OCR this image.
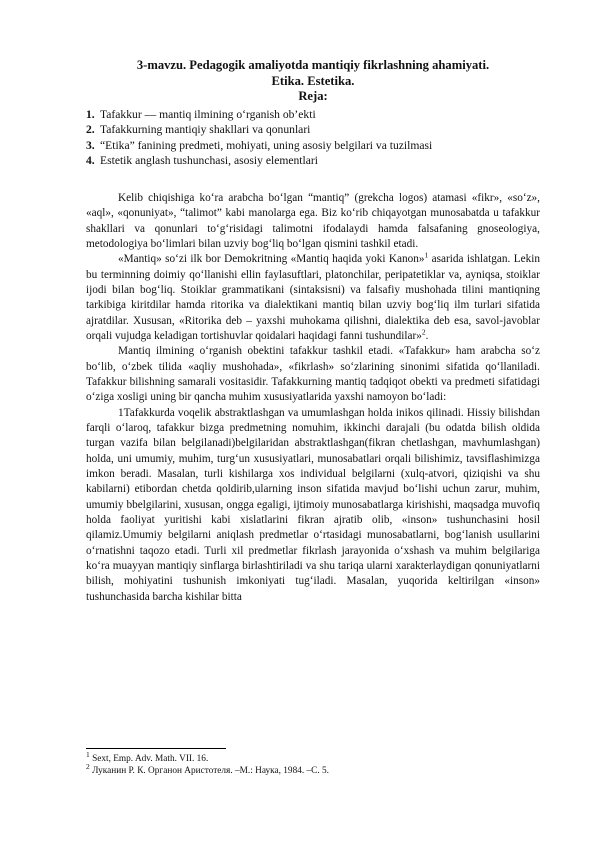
3-mavzu. Pedagogik amaliyotda mantiqiy fikrlashning ahamiyati.

Etika. Estetika.

Reja:

1. Tafakkur — mantiq ilmining o‘rganish ob’ekti
2. Tafakkurning mantiqiy shakllari va qonunlari
3. “Etika” fanining predmeti, mohiyati, uning asosiy belgilari va tuzilmasi
4. Estetik anglash tushunchasi, asosiy elementlari

Kelib chiqishiga ko‘ra arabcha bo‘lgan “mantiq” (grekcha logos) atamasi «fikr», «so‘z», «aql», «qonuniyat», “talimot” kabi manolarga ega. Biz ko‘rib chiqayotgan munosabatda u tafakkur shakllari va qonunlari to‘g‘risidagi talimotni ifodalaydi hamda falsafaning gnoseologiya, metodologiya bo‘limlari bilan uzviy bog‘liq bo‘lgan qismini tashkil etadi.

«Mantiq» so‘zi ilk bor Demokritning «Mantiq haqida yoki Kanon»$^1$ asarida ishlatgan. Lekin bu terminning doimiy qo‘llanishi ellin faylasuftlari, platonchilar, peripatetiklar va, ayniqsa, stoiklar ijodi bilan bog‘liq. Stoiklar grammatikani (sintaksisni) va falsafiy mushohada tilini mantiqning tarkibiga kiritdilar hamda ritorika va dialektikani mantiq bilan uzviy bog‘liq ilm turlari sifatida ajratdilar. Xususan, «Ritorika deb – yaxshi muhokama qilishni, dialektika deb esa, savol-javoblar orqali vujudga keladigan tortishuvlar qoidalari haqidagi fanni tushundilar»$^2$.

Mantiq ilmining o‘rganish obektini tafakkur tashkil etadi. «Tafakkur» ham arabcha so‘z bo‘lib, o‘zbek tilida «aqliy mushohada», «fikrlash» so‘zlarining sinonimi sifatida qo‘llaniladi. Tafakkur bilishning samarali vositasidir. Tafakkurning mantiq tadqiqot obekti va predmeti sifatidagi o‘ziga xosligi uning bir qancha muhim xususiyatlarida yaxshi namoyon bo‘ladi:

1Tafakkurda voqelik abstraktlashgan va umumlashgan holda inikos qilinadi. Hissiy bilishdan farqli o‘laroq, tafakkur bizga predmetning nomuhim, ikkinchi darajali (bu odatda bilish oldida turgan vazifa bilan belgilanadi)belgilaridan abstraktlashgan(fikran chetlashgan, mavhumlashgan) holda, uni umumiy, muhim, turg‘un xususiyatlari, munosabatlari orqali bilishimiz, tavsiflashimizga imkon beradi. Masalan, turli kishilarga xos individual belgilarni (xulq-atvori, qiziqishi va shu kabilarni) etibordan chetda qoldirib,ularning inson sifatida mavjud bo‘lishi uchun zarur, muhim, umumiy bbelgilarini, xususan, ongga egaligi, ijtimoiy munosabatlarga kirishishi, maqsadga muvofiq holda faoliyat yuritishi kabi xislatlarini fikran ajratib olib, «inson» tushunchasini hosil qilamiz.Umumiy belgilarni aniqlash predmetlar o‘rtasidagi munosabatlarni, bog‘lanish usullarini o‘rnatishni taqozo etadi. Turli xil predmetlar fikrlash jarayonida o‘xshash va muhim belgilariga ko‘ra muayyan mantiqiy sinflarga birlashtiriladi va shu tariqa ularni xarakterlaydigan qonuniyatlarni bilish, mohiyatini tushunish imkoniyati tug‘iladi. Masalan, yuqorida keltirilgan «inson» tushunchasida barcha kishilar bitta

$^1$ Sext, Emp. Adv. Math. VII. 16.
$^2$ Луканин Р. К. Органон Аристотеля. –М.: Наука, 1984. –С. 5.
